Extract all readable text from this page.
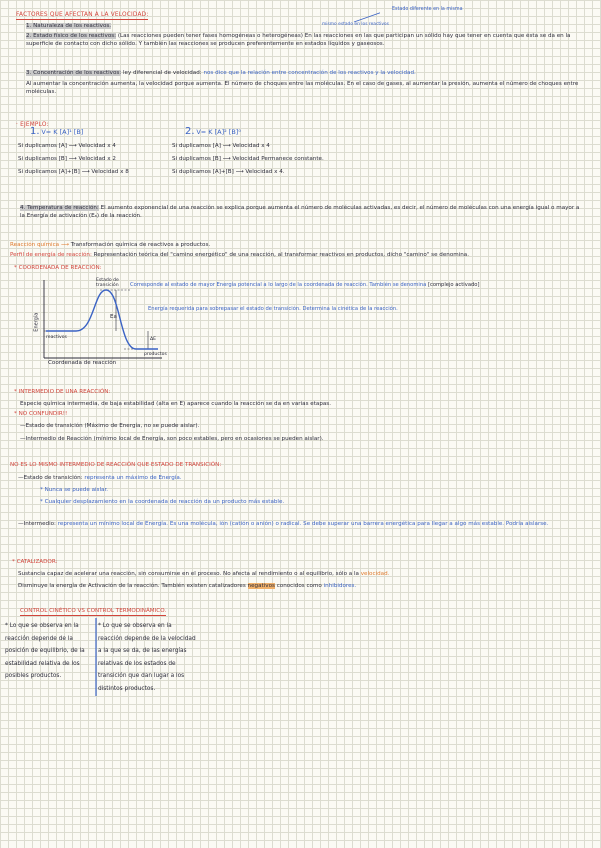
FACTORES QUE AFECTAN A LA VELOCIDAD:
Estado diferente en la misma
mismo estado en los reactivos
1. Naturaleza de los reactivos.
2. Estado físico de los reactivos: (Las reacciones pueden tener fases homogéneas o heterogéneas) En las reacciones en las que participan un sólido hay que tener en cuenta que ésta se da en la superficie de contacto con dicho sólido. Y también las reacciones se producen preferentemente en estados líquidos y gaseosos.
3. Concentración de los reactivos: ley diferencial de velocidad: nos dice que la relación entre concentración de los reactivos y la velocidad.
Al aumentar la concentración aumenta, la velocidad porque aumenta. El número de choques entre las moléculas. En el caso de gases, al aumentar la presión, aumenta el número de choques entre moléculas.
· EJEMPLO:
1. V= K [A]¹ [B]	2. V= K [A]² [B]⁰
Si duplicamos [A] ⟶ Velocidad x 4
Si duplicamos [B] ⟶ Velocidad x 2
Si duplicamos [A]+[B] ⟶ Velocidad x 8
Si duplicamos [A] ⟶ Velocidad x 4
Si duplicamos [B] ⟶ Velocidad Permanece constante.
Si duplicamos [A]+[B] ⟶ Velocidad x 4.
4. Temperatura de reacción: El aumento exponencial de una reacción se explica porque aumenta el número de moléculas activadas, es decir, el número de moléculas con una energía igual o mayor a la Energía de activación (Eₐ) de la reacción.
Reacción química ⟶ Transformación química de reactivos a productos.
Perfil de energía de reacción: Representación teórica del "camino energético" de una reacción, al transformar reactivos en productos, dicho "camino" se denomina.
* COORDENADA DE REACCIÓN:
Estado de transición
Ea
Energía
reactivos
productos
ΔE
Coordenada de reacción
Corresponde al estado de mayor Energía potencial a lo largo de la coordenada de reacción. También se denomina [complejo activado]
Energía requerida para sobrepasar el estado de transición. Determina la cinética de la reacción.
* INTERMEDIO DE UNA REACCIÓN:
Especie química intermedia, de baja estabilidad (alta en E) aparece cuando la reacción se da en varias etapas.
* NO CONFUNDIR!!
—Estado de transición (Máximo de Energía, no se puede aislar).
—Intermedio de Reacción (mínimo local de Energía, son poco estables, pero en ocasiones se pueden aislar).
NO ES LO MISMO INTERMEDIO DE REACCIÓN QUE ESTADO DE TRANSICIÓN:
—Estado de transición: representa un máximo de Energía.
* Nunca se puede aislar.
* Cualquier desplazamiento en la coordenada de reacción da un producto más estable.
—Intermedio: representa un mínimo local de Energía. Es una molécula, ión (catión o anión) o radical. Se debe superar una barrera energética para llegar a algo más estable. Podría aislarse.
* CATALIZADOR:
Sustancia capaz de acelerar una reacción, sin consumirse en el proceso. No afecta al rendimiento o al equilibrio, sólo a la velocidad.
Disminuye la energía de Activación de la reacción. También existen catalizadores negativos conocidos como inhibidores.
CONTROL CINÉTICO VS CONTROL TERMODINÁMICO.
* Lo que se observa en la reacción depende de la posición de equilibrio, de la estabilidad relativa de los posibles productos.
* Lo que se observa en la reacción depende de la velocidad a la que se da, de las energías relativas de los estados de transición que dan lugar a los distintos productos.
